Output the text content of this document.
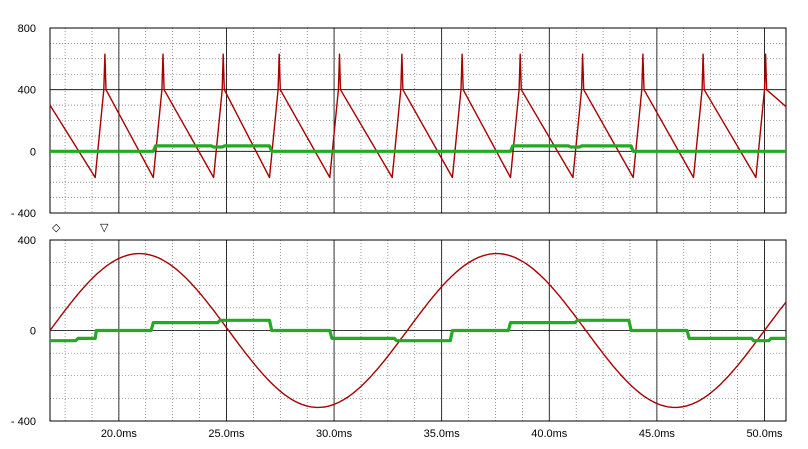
800
400
0
- 400
400
0
- 400
20.0ms	25.0ms	30.0ms	35.0ms	40.0ms	45.0ms	50.0ms
◇	▽
